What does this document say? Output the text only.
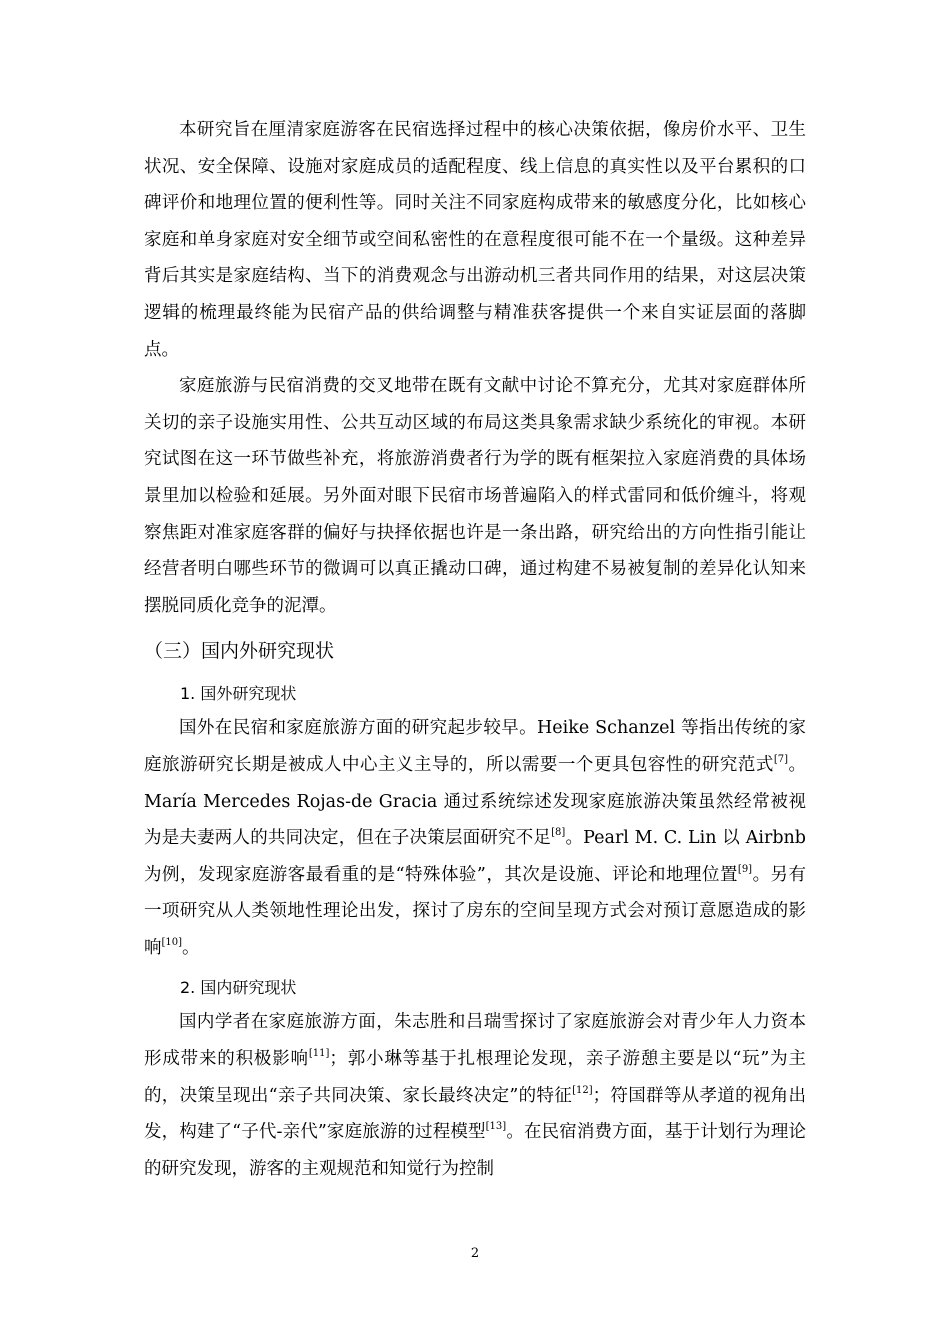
本研究旨在厘清家庭游客在民宿选择过程中的核心决策依据，像房价水平、卫生状况、安全保障、设施对家庭成员的适配程度、线上信息的真实性以及平台累积的口碑评价和地理位置的便利性等。同时关注不同家庭构成带来的敏感度分化，比如核心家庭和单身家庭对安全细节或空间私密性的在意程度很可能不在一个量级。这种差异背后其实是家庭结构、当下的消费观念与出游动机三者共同作用的结果，对这层决策逻辑的梳理最终能为民宿产品的供给调整与精准获客提供一个来自实证层面的落脚点。

家庭旅游与民宿消费的交叉地带在既有文献中讨论不算充分，尤其对家庭群体所关切的亲子设施实用性、公共互动区域的布局这类具象需求缺少系统化的审视。本研究试图在这一环节做些补充，将旅游消费者行为学的既有框架拉入家庭消费的具体场景里加以检验和延展。另外面对眼下民宿市场普遍陷入的样式雷同和低价缠斗，将观察焦距对准家庭客群的偏好与抉择依据也许是一条出路，研究给出的方向性指引能让经营者明白哪些环节的微调可以真正撬动口碑，通过构建不易被复制的差异化认知来摆脱同质化竞争的泥潭。

（三）国内外研究现状
1. 国外研究现状

国外在民宿和家庭旅游方面的研究起步较早。Heike Schanzel 等指出传统的家庭旅游研究长期是被成人中心主义主导的，所以需要一个更具包容性的研究范式[7]。María Mercedes Rojas-de Gracia 通过系统综述发现家庭旅游决策虽然经常被视为是夫妻两人的共同决定，但在子决策层面研究不足[8]。Pearl M. C. Lin 以 Airbnb 为例，发现家庭游客最看重的是“特殊体验”，其次是设施、评论和地理位置[9]。另有一项研究从人类领地性理论出发，探讨了房东的空间呈现方式会对预订意愿造成的影响[10]。

2. 国内研究现状

国内学者在家庭旅游方面，朱志胜和吕瑞雪探讨了家庭旅游会对青少年人力资本形成带来的积极影响[11]；郭小琳等基于扎根理论发现，亲子游憩主要是以“玩”为主的，决策呈现出“亲子共同决策、家长最终决定”的特征[12]；符国群等从孝道的视角出发，构建了“子代-亲代”家庭旅游的过程模型[13]。在民宿消费方面，基于计划行为理论的研究发现，游客的主观规范和知觉行为控制

2
